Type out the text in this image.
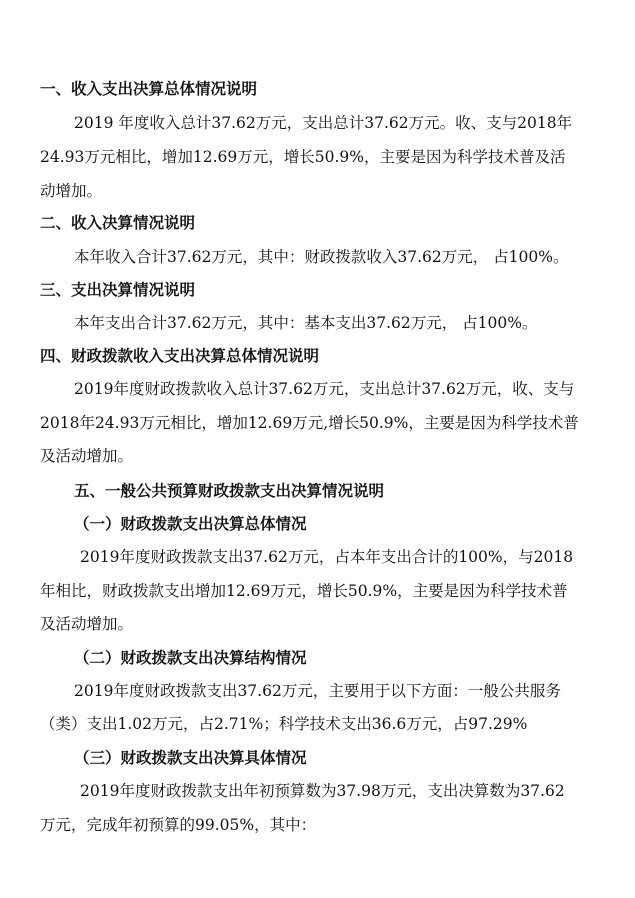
一、收入支出决算总体情况说明
2019 年度收入总计37.62万元，支出总计37.62万元。收、支与2018年
24.93万元相比，增加12.69万元，增长50.9%，主要是因为科学技术普及活
动增加。
二、收入决算情况说明
本年收入合计37.62万元，其中：财政拨款收入37.62万元， 占100%。
三、支出决算情况说明
本年支出合计37.62万元，其中：基本支出37.62万元， 占100%。
四、财政拨款收入支出决算总体情况说明
2019年度财政拨款收入总计37.62万元，支出总计37.62万元，收、支与
2018年24.93万元相比，增加12.69万元,增长50.9%，主要是因为科学技术普
及活动增加。
五、一般公共预算财政拨款支出决算情况说明
（一）财政拨款支出决算总体情况
2019年度财政拨款支出37.62万元，占本年支出合计的100%，与2018
年相比，财政拨款支出增加12.69万元，增长50.9%，主要是因为科学技术普
及活动增加。
（二）财政拨款支出决算结构情况
2019年度财政拨款支出37.62万元，主要用于以下方面：一般公共服务
（类）支出1.02万元，占2.71%；科学技术支出36.6万元，占97.29%
（三）财政拨款支出决算具体情况
2019年度财政拨款支出年初预算数为37.98万元，支出决算数为37.62
万元，完成年初预算的99.05%，其中：
